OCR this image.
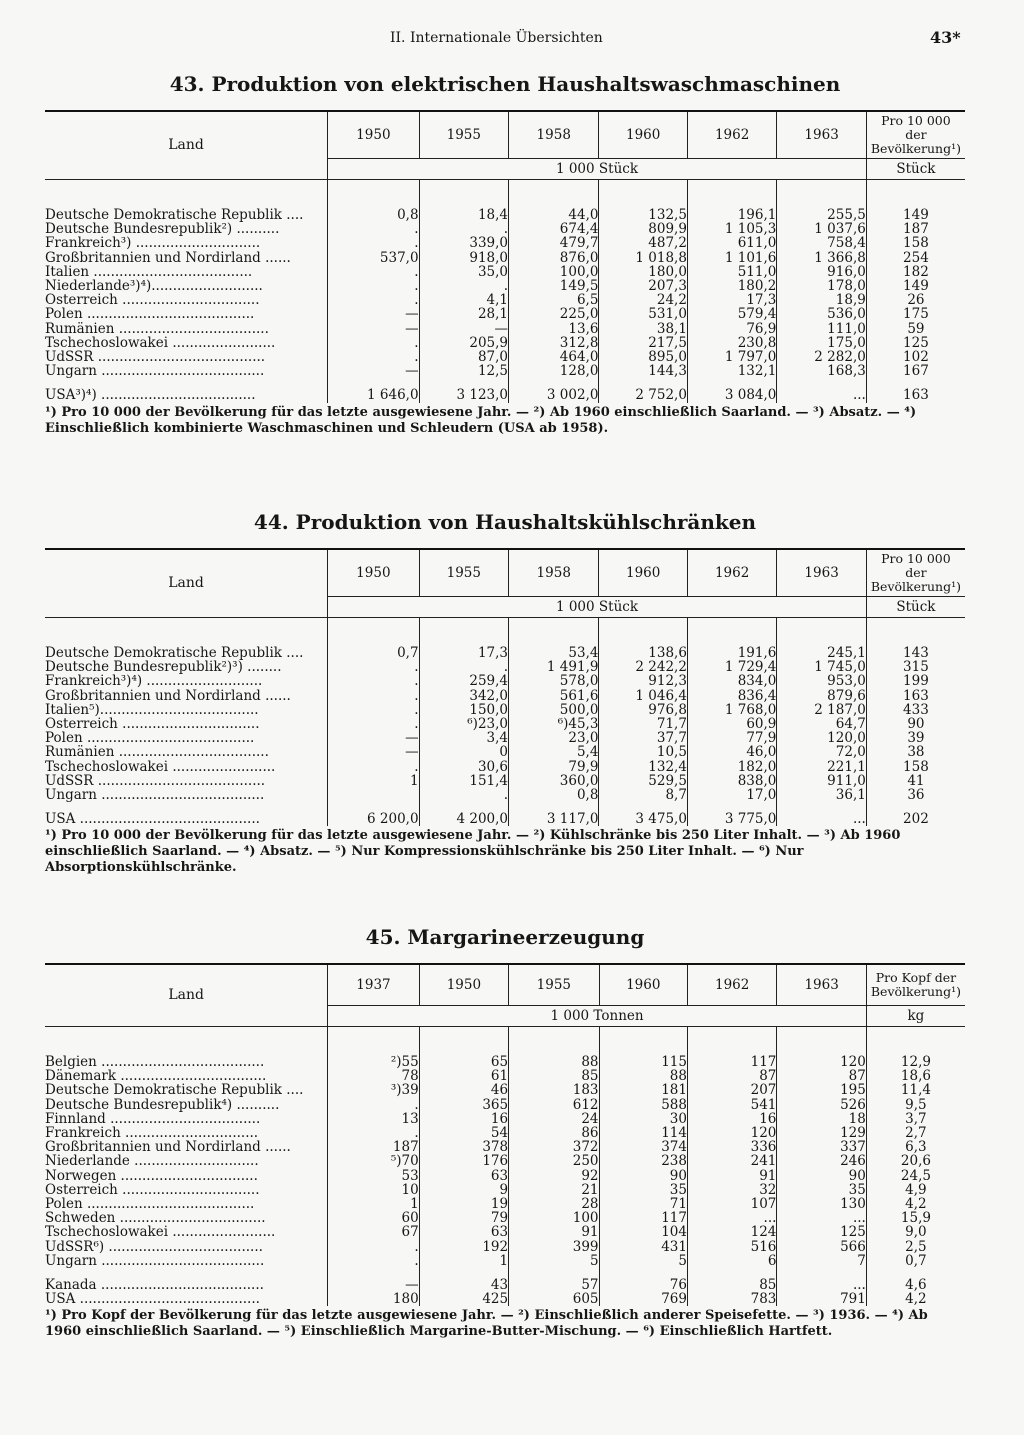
II. Internationale Übersichten	43*
43. Produktion von elektrischen Haushaltswaschmaschinen
Land	1950	1955	1958	1960	1962	1963	Pro 10 000 der Bevölkerung¹)
	1 000 Stück						Stück

Deutsche Demokratische Republik ....	0,8	18,4	44,0	132,5	196,1	255,5	149
Deutsche Bundesrepublik²) ..........	.	.	674,4	809,9	1 105,3	1 037,6	187
Frankreich³) .............................	.	339,0	479,7	487,2	611,0	758,4	158
Großbritannien und Nordirland ......	537,0	918,0	876,0	1 018,8	1 101,6	1 366,8	254
Italien .....................................	.	35,0	100,0	180,0	511,0	916,0	182
Niederlande³)⁴)..........................	.	.	149,5	207,3	180,2	178,0	149
Österreich ................................	.	4,1	6,5	24,2	17,3	18,9	26
Polen .......................................	—	28,1	225,0	531,0	579,4	536,0	175
Rumänien ...................................	—	—	13,6	38,1	76,9	111,0	59
Tschechoslowakei ........................	.	205,9	312,8	217,5	230,8	175,0	125
UdSSR .......................................	.	87,0	464,0	895,0	1 797,0	2 282,0	102
Ungarn ......................................	—	12,5	128,0	144,3	132,1	168,3	167

USA³)⁴) ....................................	1 646,0	3 123,0	3 002,0	2 752,0	3 084,0	...	163
¹) Pro 10 000 der Bevölkerung für das letzte ausgewiesene Jahr. — ²) Ab 1960 einschließlich Saarland. — ³) Absatz. — ⁴) Einschließlich kombinierte Waschmaschinen und Schleudern (USA ab 1958).
44. Produktion von Haushaltskühlschränken
Land	1950	1955	1958	1960	1962	1963	Pro 10 000 der Bevölkerung¹)
	1 000 Stück						Stück

Deutsche Demokratische Republik ....	0,7	17,3	53,4	138,6	191,6	245,1	143
Deutsche Bundesrepublik²)³) ........	.	.	1 491,9	2 242,2	1 729,4	1 745,0	315
Frankreich³)⁴) ...........................	.	259,4	578,0	912,3	834,0	953,0	199
Großbritannien und Nordirland ......	.	342,0	561,6	1 046,4	836,4	879,6	163
Italien⁵).....................................	.	150,0	500,0	976,8	1 768,0	2 187,0	433
Österreich ................................	.	⁶)23,0	⁶)45,3	71,7	60,9	64,7	90
Polen .......................................	—	3,4	23,0	37,7	77,9	120,0	39
Rumänien ...................................	—	0	5,4	10,5	46,0	72,0	38
Tschechoslowakei ........................	.	30,6	79,9	132,4	182,0	221,1	158
UdSSR .......................................	1	151,4	360,0	529,5	838,0	911,0	41
Ungarn ......................................		.	0,8	8,7	17,0	36,1	36

USA ..........................................	6 200,0	4 200,0	3 117,0	3 475,0	3 775,0	...	202
¹) Pro 10 000 der Bevölkerung für das letzte ausgewiesene Jahr. — ²) Kühlschränke bis 250 Liter Inhalt. — ³) Ab 1960 einschließlich Saarland. — ⁴) Absatz. — ⁵) Nur Kompressionskühlschränke bis 250 Liter Inhalt. — ⁶) Nur Absorptionskühlschränke.
45. Margarineerzeugung
Land	1937	1950	1955	1960	1962	1963	Pro Kopf der Bevölkerung¹)
	1 000 Tonnen						kg

Belgien ......................................	²)55	65	88	115	117	120	12,9
Dänemark ..................................	78	61	85	88	87	87	18,6
Deutsche Demokratische Republik ....	³)39	46	183	181	207	195	11,4
Deutsche Bundesrepublik⁴) ..........	.	365	612	588	541	526	9,5
Finnland ...................................	13	16	24	30	16	18	3,7
Frankreich ...............................	.	54	86	114	120	129	2,7
Großbritannien und Nordirland ......	187	378	372	374	336	337	6,3
Niederlande .............................	⁵)70	176	250	238	241	246	20,6
Norwegen ................................	53	63	92	90	91	90	24,5
Österreich ................................	10	9	21	35	32	35	4,9
Polen .......................................	1	19	28	71	107	130	4,2
Schweden ..................................	60	79	100	117	...	...	15,9
Tschechoslowakei ........................	67	63	91	104	124	125	9,0
UdSSR⁶) ....................................	.	192	399	431	516	566	2,5
Ungarn ......................................	.	1	5	5	6	7	0,7

Kanada ......................................	—	43	57	76	85	...	4,6
USA ..........................................	180	425	605	769	783	791	4,2
¹) Pro Kopf der Bevölkerung für das letzte ausgewiesene Jahr. — ²) Einschließlich anderer Speisefette. — ³) 1936. — ⁴) Ab 1960 einschließlich Saarland. — ⁵) Einschließlich Margarine-Butter-Mischung. — ⁶) Einschließlich Hartfett.
